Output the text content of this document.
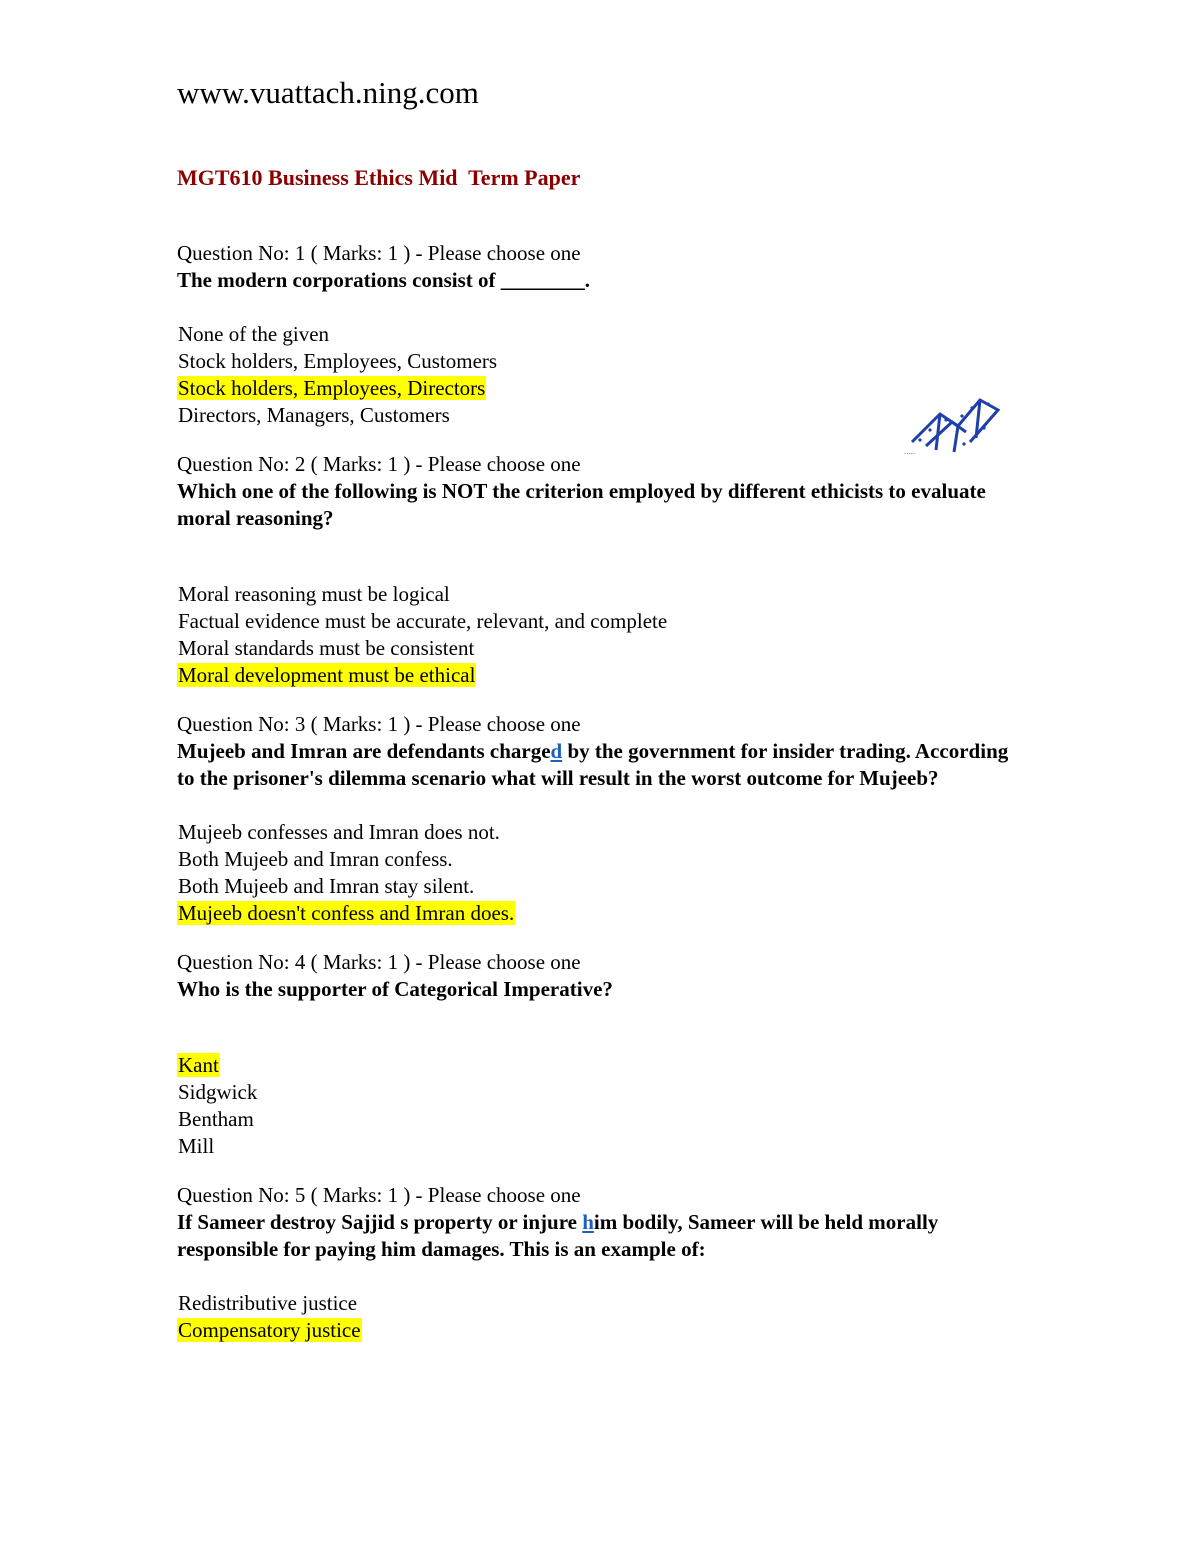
www.vuattach.ning.com
MGT610 Business Ethics Mid  Term Paper
.....
Question No: 1 ( Marks: 1 ) - Please choose one
The modern corporations consist of ________.
None of the given
Stock holders, Employees, Customers
Stock holders, Employees, Directors
Directors, Managers, Customers
Question No: 2 ( Marks: 1 ) - Please choose one
Which one of the following is NOT the criterion employed by different ethicists to evaluate moral reasoning?
Moral reasoning must be logical
Factual evidence must be accurate, relevant, and complete
Moral standards must be consistent
Moral development must be ethical
Question No: 3 ( Marks: 1 ) - Please choose one
Mujeeb and Imran are defendants charged by the government for insider trading. According to the prisoner's dilemma scenario what will result in the worst outcome for Mujeeb?
Mujeeb confesses and Imran does not.
Both Mujeeb and Imran confess.
Both Mujeeb and Imran stay silent.
Mujeeb doesn't confess and Imran does.
Question No: 4 ( Marks: 1 ) - Please choose one
Who is the supporter of Categorical Imperative?
Kant
Sidgwick
Bentham
Mill
Question No: 5 ( Marks: 1 ) - Please choose one
If Sameer destroy Sajjid s property or injure him bodily, Sameer will be held morally responsible for paying him damages. This is an example of:
Redistributive justice
Compensatory justice
